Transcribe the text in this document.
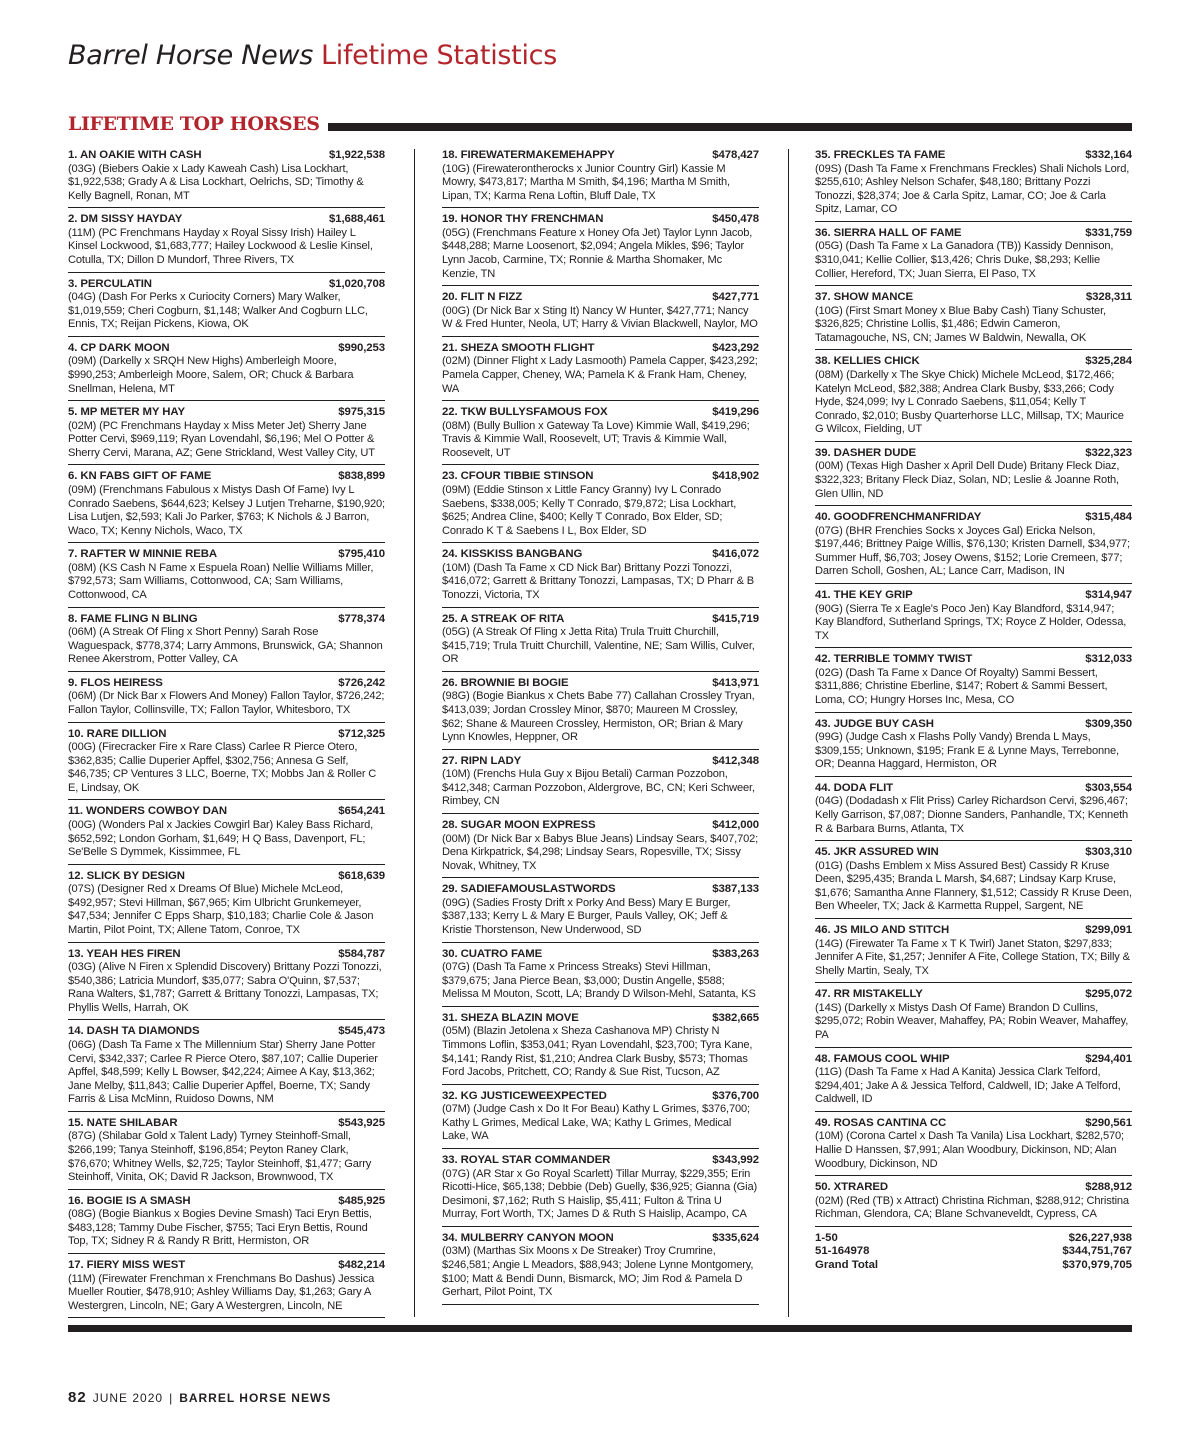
Barrel Horse News Lifetime Statistics
LIFETIME TOP HORSES
1. AN OAKIE WITH CASH	$1,922,538
(03G) (Biebers Oakie x Lady Kaweah Cash) Lisa Lockhart, $1,922,538; Grady A & Lisa Lockhart, Oelrichs, SD; Timothy & Kelly Bagnell, Ronan, MT
2. DM SISSY HAYDAY	$1,688,461
(11M) (PC Frenchmans Hayday x Royal Sissy Irish) Hailey L Kinsel Lockwood, $1,683,777; Hailey Lockwood & Leslie Kinsel, Cotulla, TX; Dillon D Mundorf, Three Rivers, TX
3. PERCULATIN	$1,020,708
(04G) (Dash For Perks x Curiocity Corners) Mary Walker, $1,019,559; Cheri Cogburn, $1,148; Walker And Cogburn LLC, Ennis, TX; Reijan Pickens, Kiowa, OK
4. CP DARK MOON	$990,253
(09M) (Darkelly x SRQH New Highs) Amberleigh Moore, $990,253; Amberleigh Moore, Salem, OR; Chuck & Barbara Snellman, Helena, MT
5. MP METER MY HAY	$975,315
(02M) (PC Frenchmans Hayday x Miss Meter Jet) Sherry Jane Potter Cervi, $969,119; Ryan Lovendahl, $6,196; Mel O Potter & Sherry Cervi, Marana, AZ; Gene Strickland, West Valley City, UT
6. KN FABS GIFT OF FAME	$838,899
(09M) (Frenchmans Fabulous x Mistys Dash Of Fame) Ivy L Conrado Saebens, $644,623; Kelsey J Lutjen Treharne, $190,920; Lisa Lutjen, $2,593; Kali Jo Parker, $763; K Nichols & J Barron, Waco, TX; Kenny Nichols, Waco, TX
7. RAFTER W MINNIE REBA	$795,410
(08M) (KS Cash N Fame x Espuela Roan) Nellie Williams Miller, $792,573; Sam Williams, Cottonwood, CA; Sam Williams, Cottonwood, CA
8. FAME FLING N BLING	$778,374
(06M) (A Streak Of Fling x Short Penny) Sarah Rose Waguespack, $778,374; Larry Ammons, Brunswick, GA; Shannon Renee Akerstrom, Potter Valley, CA
9. FLOS HEIRESS	$726,242
(06M) (Dr Nick Bar x Flowers And Money) Fallon Taylor, $726,242; Fallon Taylor, Collinsville, TX; Fallon Taylor, Whitesboro, TX
10. RARE DILLION	$712,325
(00G) (Firecracker Fire x Rare Class) Carlee R Pierce Otero, $362,835; Callie Duperier Apffel, $302,756; Annesa G Self, $46,735; CP Ventures 3 LLC, Boerne, TX; Mobbs Jan & Roller C E, Lindsay, OK
11. WONDERS COWBOY DAN	$654,241
(00G) (Wonders Pal x Jackies Cowgirl Bar) Kaley Bass Richard, $652,592; London Gorham, $1,649; H Q Bass, Davenport, FL; Se'Belle S Dymmek, Kissimmee, FL
12. SLICK BY DESIGN	$618,639
(07S) (Designer Red x Dreams Of Blue) Michele McLeod, $492,957; Stevi Hillman, $67,965; Kim Ulbricht Grunkemeyer, $47,534; Jennifer C Epps Sharp, $10,183; Charlie Cole & Jason Martin, Pilot Point, TX; Allene Tatom, Conroe, TX
13. YEAH HES FIREN	$584,787
(03G) (Alive N Firen x Splendid Discovery) Brittany Pozzi Tonozzi, $540,386; Latricia Mundorf, $35,077; Sabra O'Quinn, $7,537; Rana Walters, $1,787; Garrett & Brittany Tonozzi, Lampasas, TX; Phyllis Wells, Harrah, OK
14. DASH TA DIAMONDS	$545,473
(06G) (Dash Ta Fame x The Millennium Star) Sherry Jane Potter Cervi, $342,337; Carlee R Pierce Otero, $87,107; Callie Duperier Apffel, $48,599; Kelly L Bowser, $42,224; Aimee A Kay, $13,362; Jane Melby, $11,843; Callie Duperier Apffel, Boerne, TX; Sandy Farris & Lisa McMinn, Ruidoso Downs, NM
15. NATE SHILABAR	$543,925
(87G) (Shilabar Gold x Talent Lady) Tyrney Steinhoff-Small, $266,199; Tanya Steinhoff, $196,854; Peyton Raney Clark, $76,670; Whitney Wells, $2,725; Taylor Steinhoff, $1,477; Garry Steinhoff, Vinita, OK; David R Jackson, Brownwood, TX
16. BOGIE IS A SMASH	$485,925
(08G) (Bogie Biankus x Bogies Devine Smash) Taci Eryn Bettis, $483,128; Tammy Dube Fischer, $755; Taci Eryn Bettis, Round Top, TX; Sidney R & Randy R Britt, Hermiston, OR
17. FIERY MISS WEST	$482,214
(11M) (Firewater Frenchman x Frenchmans Bo Dashus) Jessica Mueller Routier, $478,910; Ashley Williams Day, $1,263; Gary A Westergren, Lincoln, NE; Gary A Westergren, Lincoln, NE
18. FIREWATERMAKEMEHAPPY	$478,427
(10G) (Firewaterontherocks x Junior Country Girl) Kassie M Mowry, $473,817; Martha M Smith, $4,196; Martha M Smith, Lipan, TX; Karma Rena Loftin, Bluff Dale, TX
19. HONOR THY FRENCHMAN	$450,478
(05G) (Frenchmans Feature x Honey Ofa Jet) Taylor Lynn Jacob, $448,288; Marne Loosenort, $2,094; Angela Mikles, $96; Taylor Lynn Jacob, Carmine, TX; Ronnie & Martha Shomaker, Mc Kenzie, TN
20. FLIT N FIZZ	$427,771
(00G) (Dr Nick Bar x Sting It) Nancy W Hunter, $427,771; Nancy W & Fred Hunter, Neola, UT; Harry & Vivian Blackwell, Naylor, MO
21. SHEZA SMOOTH FLIGHT	$423,292
(02M) (Dinner Flight x Lady Lasmooth) Pamela Capper, $423,292; Pamela Capper, Cheney, WA; Pamela K & Frank Ham, Cheney, WA
22. TKW BULLYSFAMOUS FOX	$419,296
(08M) (Bully Bullion x Gateway Ta Love) Kimmie Wall, $419,296; Travis & Kimmie Wall, Roosevelt, UT; Travis & Kimmie Wall, Roosevelt, UT
23. CFOUR TIBBIE STINSON	$418,902
(09M) (Eddie Stinson x Little Fancy Granny) Ivy L Conrado Saebens, $338,005; Kelly T Conrado, $79,872; Lisa Lockhart, $625; Andrea Cline, $400; Kelly T Conrado, Box Elder, SD; Conrado K T & Saebens I L, Box Elder, SD
24. KISSKISS BANGBANG	$416,072
(10M) (Dash Ta Fame x CD Nick Bar) Brittany Pozzi Tonozzi, $416,072; Garrett & Brittany Tonozzi, Lampasas, TX; D Pharr & B Tonozzi, Victoria, TX
25. A STREAK OF RITA	$415,719
(05G) (A Streak Of Fling x Jetta Rita) Trula Truitt Churchill, $415,719; Trula Truitt Churchill, Valentine, NE; Sam Willis, Culver, OR
26. BROWNIE BI BOGIE	$413,971
(98G) (Bogie Biankus x Chets Babe 77) Callahan Crossley Tryan, $413,039; Jordan Crossley Minor, $870; Maureen M Crossley, $62; Shane & Maureen Crossley, Hermiston, OR; Brian & Mary Lynn Knowles, Heppner, OR
27. RIPN LADY	$412,348
(10M) (Frenchs Hula Guy x Bijou Betali) Carman Pozzobon, $412,348; Carman Pozzobon, Aldergrove, BC, CN; Keri Schweer, Rimbey, CN
28. SUGAR MOON EXPRESS	$412,000
(00M) (Dr Nick Bar x Babys Blue Jeans) Lindsay Sears, $407,702; Dena Kirkpatrick, $4,298; Lindsay Sears, Ropesville, TX; Sissy Novak, Whitney, TX
29. SADIEFAMOUSLASTWORDS	$387,133
(09G) (Sadies Frosty Drift x Porky And Bess) Mary E Burger, $387,133; Kerry L & Mary E Burger, Pauls Valley, OK; Jeff & Kristie Thorstenson, New Underwood, SD
30. CUATRO FAME	$383,263
(07G) (Dash Ta Fame x Princess Streaks) Stevi Hillman, $379,675; Jana Pierce Bean, $3,000; Dustin Angelle, $588; Melissa M Mouton, Scott, LA; Brandy D Wilson-Mehl, Satanta, KS
31. SHEZA BLAZIN MOVE	$382,665
(05M) (Blazin Jetolena x Sheza Cashanova MP) Christy N Timmons Loflin, $353,041; Ryan Lovendahl, $23,700; Tyra Kane, $4,141; Randy Rist, $1,210; Andrea Clark Busby, $573; Thomas Ford Jacobs, Pritchett, CO; Randy & Sue Rist, Tucson, AZ
32. KG JUSTICEWEEXPECTED	$376,700
(07M) (Judge Cash x Do It For Beau) Kathy L Grimes, $376,700; Kathy L Grimes, Medical Lake, WA; Kathy L Grimes, Medical Lake, WA
33. ROYAL STAR COMMANDER	$343,992
(07G) (AR Star x Go Royal Scarlett) Tillar Murray, $229,355; Erin Ricotti-Hice, $65,138; Debbie (Deb) Guelly, $36,925; Gianna (Gia) Desimoni, $7,162; Ruth S Haislip, $5,411; Fulton & Trina U Murray, Fort Worth, TX; James D & Ruth S Haislip, Acampo, CA
34. MULBERRY CANYON MOON	$335,624
(03M) (Marthas Six Moons x De Streaker) Troy Crumrine, $246,581; Angie L Meadors, $88,943; Jolene Lynne Montgomery, $100; Matt & Bendi Dunn, Bismarck, MO; Jim Rod & Pamela D Gerhart, Pilot Point, TX
35. FRECKLES TA FAME	$332,164
(09S) (Dash Ta Fame x Frenchmans Freckles) Shali Nichols Lord, $255,610; Ashley Nelson Schafer, $48,180; Brittany Pozzi Tonozzi, $28,374; Joe & Carla Spitz, Lamar, CO; Joe & Carla Spitz, Lamar, CO
36. SIERRA HALL OF FAME	$331,759
(05G) (Dash Ta Fame x La Ganadora (TB)) Kassidy Dennison, $310,041; Kellie Collier, $13,426; Chris Duke, $8,293; Kellie Collier, Hereford, TX; Juan Sierra, El Paso, TX
37. SHOW MANCE	$328,311
(10G) (First Smart Money x Blue Baby Cash) Tiany Schuster, $326,825; Christine Lollis, $1,486; Edwin Cameron, Tatamagouche, NS, CN; James W Baldwin, Newalla, OK
38. KELLIES CHICK	$325,284
(08M) (Darkelly x The Skye Chick) Michele McLeod, $172,466; Katelyn McLeod, $82,388; Andrea Clark Busby, $33,266; Cody Hyde, $24,099; Ivy L Conrado Saebens, $11,054; Kelly T Conrado, $2,010; Busby Quarterhorse LLC, Millsap, TX; Maurice G Wilcox, Fielding, UT
39. DASHER DUDE	$322,323
(00M) (Texas High Dasher x April Dell Dude) Britany Fleck Diaz, $322,323; Britany Fleck Diaz, Solan, ND; Leslie & Joanne Roth, Glen Ullin, ND
40. GOODFRENCHMANFRIDAY	$315,484
(07G) (BHR Frenchies Socks x Joyces Gal) Ericka Nelson, $197,446; Brittney Paige Willis, $76,130; Kristen Darnell, $34,977; Summer Huff, $6,703; Josey Owens, $152; Lorie Cremeen, $77; Darren Scholl, Goshen, AL; Lance Carr, Madison, IN
41. THE KEY GRIP	$314,947
(90G) (Sierra Te x Eagle's Poco Jen) Kay Blandford, $314,947; Kay Blandford, Sutherland Springs, TX; Royce Z Holder, Odessa, TX
42. TERRIBLE TOMMY TWIST	$312,033
(02G) (Dash Ta Fame x Dance Of Royalty) Sammi Bessert, $311,886; Christine Eberline, $147; Robert & Sammi Bessert, Loma, CO; Hungry Horses Inc, Mesa, CO
43. JUDGE BUY CASH	$309,350
(99G) (Judge Cash x Flashs Polly Vandy) Brenda L Mays, $309,155; Unknown, $195; Frank E & Lynne Mays, Terrebonne, OR; Deanna Haggard, Hermiston, OR
44. DODA FLIT	$303,554
(04G) (Dodadash x Flit Priss) Carley Richardson Cervi, $296,467; Kelly Garrison, $7,087; Dionne Sanders, Panhandle, TX; Kenneth R & Barbara Burns, Atlanta, TX
45. JKR ASSURED WIN	$303,310
(01G) (Dashs Emblem x Miss Assured Best) Cassidy R Kruse Deen, $295,435; Branda L Marsh, $4,687; Lindsay Karp Kruse, $1,676; Samantha Anne Flannery, $1,512; Cassidy R Kruse Deen, Ben Wheeler, TX; Jack & Karmetta Ruppel, Sargent, NE
46. JS MILO AND STITCH	$299,091
(14G) (Firewater Ta Fame x T K Twirl) Janet Staton, $297,833; Jennifer A Fite, $1,257; Jennifer A Fite, College Station, TX; Billy & Shelly Martin, Sealy, TX
47. RR MISTAKELLY	$295,072
(14S) (Darkelly x Mistys Dash Of Fame) Brandon D Cullins, $295,072; Robin Weaver, Mahaffey, PA; Robin Weaver, Mahaffey, PA
48. FAMOUS COOL WHIP	$294,401
(11G) (Dash Ta Fame x Had A Kanita) Jessica Clark Telford, $294,401; Jake A & Jessica Telford, Caldwell, ID; Jake A Telford, Caldwell, ID
49. ROSAS CANTINA CC	$290,561
(10M) (Corona Cartel x Dash Ta Vanila) Lisa Lockhart, $282,570; Hallie D Hanssen, $7,991; Alan Woodbury, Dickinson, ND; Alan Woodbury, Dickinson, ND
50. XTRARED	$288,912
(02M) (Red (TB) x Attract) Christina Richman, $288,912; Christina Richman, Glendora, CA; Blane Schvaneveldt, Cypress, CA
1-50	$26,227,938
51-164978	$344,751,767
Grand Total	$370,979,705
82 JUNE 2020 | BARREL HORSE NEWS
